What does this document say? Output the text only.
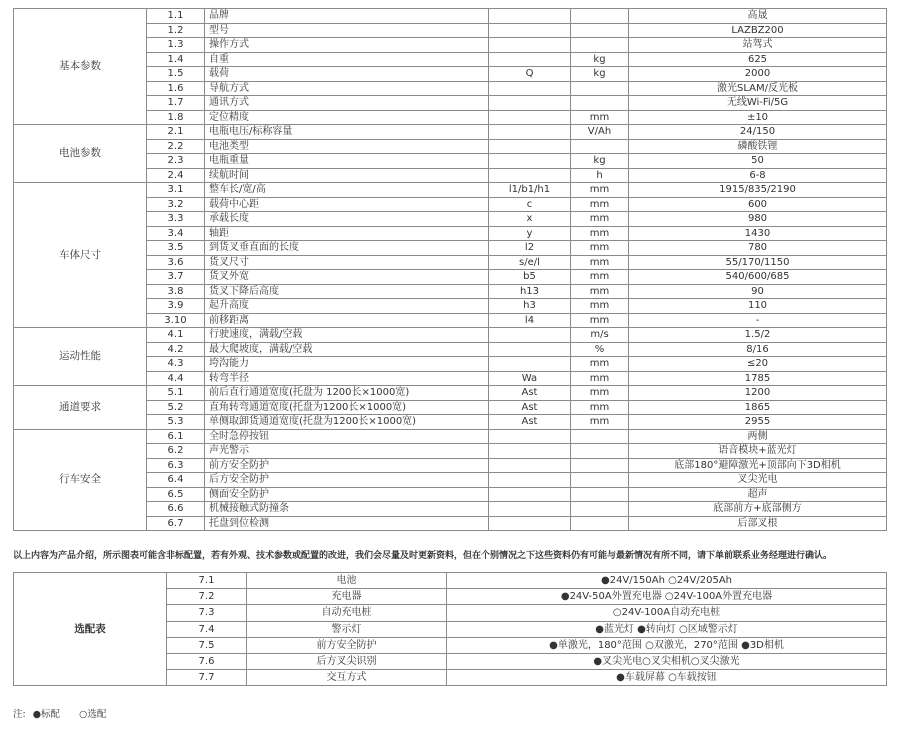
基本参数	1.1	品牌			高晟
	1.2	型号			LAZBZ200
	1.3	操作方式			站驾式
	1.4	自重		kg	625
	1.5	载荷	Q	kg	2000
	1.6	导航方式			激光SLAM/反光板
	1.7	通讯方式			无线Wi-Fi/5G
	1.8	定位精度		mm	±10
电池参数	2.1	电瓶电压/标称容量		V/Ah	24/150
	2.2	电池类型			磷酸铁锂
	2.3	电瓶重量		kg	50
	2.4	续航时间		h	6-8
车体尺寸	3.1	整车长/宽/高	l1/b1/h1	mm	1915/835/2190
	3.2	载荷中心距	c	mm	600
	3.3	承载长度	x	mm	980
	3.4	轴距	y	mm	1430
	3.5	到货叉垂直面的长度	l2	mm	780
	3.6	货叉尺寸	s/e/l	mm	55/170/1150
	3.7	货叉外宽	b5	mm	540/600/685
	3.8	货叉下降后高度	h13	mm	90
	3.9	起升高度	h3	mm	110
	3.10	前移距离	l4	mm	-
运动性能	4.1	行驶速度，满载/空载		m/s	1.5/2
	4.2	最大爬坡度，满载/空载		%	8/16
	4.3	垮沟能力		mm	≤20
	4.4	转弯半径	Wa	mm	1785
通道要求	5.1	前后直行通道宽度(托盘为 1200长×1000宽)	Ast	mm	1200
	5.2	直角转弯通道宽度(托盘为1200长×1000宽)	Ast	mm	1865
	5.3	单侧取卸货通道宽度(托盘为1200长×1000宽)	Ast	mm	2955
行车安全	6.1	全时急停按钮			两侧
	6.2	声光警示			语音模块+蓝光灯
	6.3	前方安全防护			底部180°避障激光+顶部向下3D相机
	6.4	后方安全防护			叉尖光电
	6.5	侧面安全防护			超声
	6.6	机械接触式防撞条			底部前方+底部侧方
	6.7	托盘到位检测			后部叉根
以上内容为产品介绍，所示图表可能含非标配置，若有外观、技术参数或配置的改进，我们会尽量及时更新资料，但在个别情况之下这些资料仍有可能与最新情况有所不同，请下单前联系业务经理进行确认。
选配表	7.1	电池	●24V/150Ah ○24V/205Ah
	7.2	充电器	●24V-50A外置充电器 ○24V-100A外置充电器
	7.3	自动充电桩	○24V-100A自动充电桩
	7.4	警示灯	●蓝光灯 ●转向灯 ○区域警示灯
	7.5	前方安全防护	●单激光，180°范围 ○双激光，270°范围 ●3D相机
	7.6	后方叉尖识别	●叉尖光电○叉尖相机○叉尖激光
	7.7	交互方式	●车载屏幕 ○车载按钮
注: ●标配 ○选配
